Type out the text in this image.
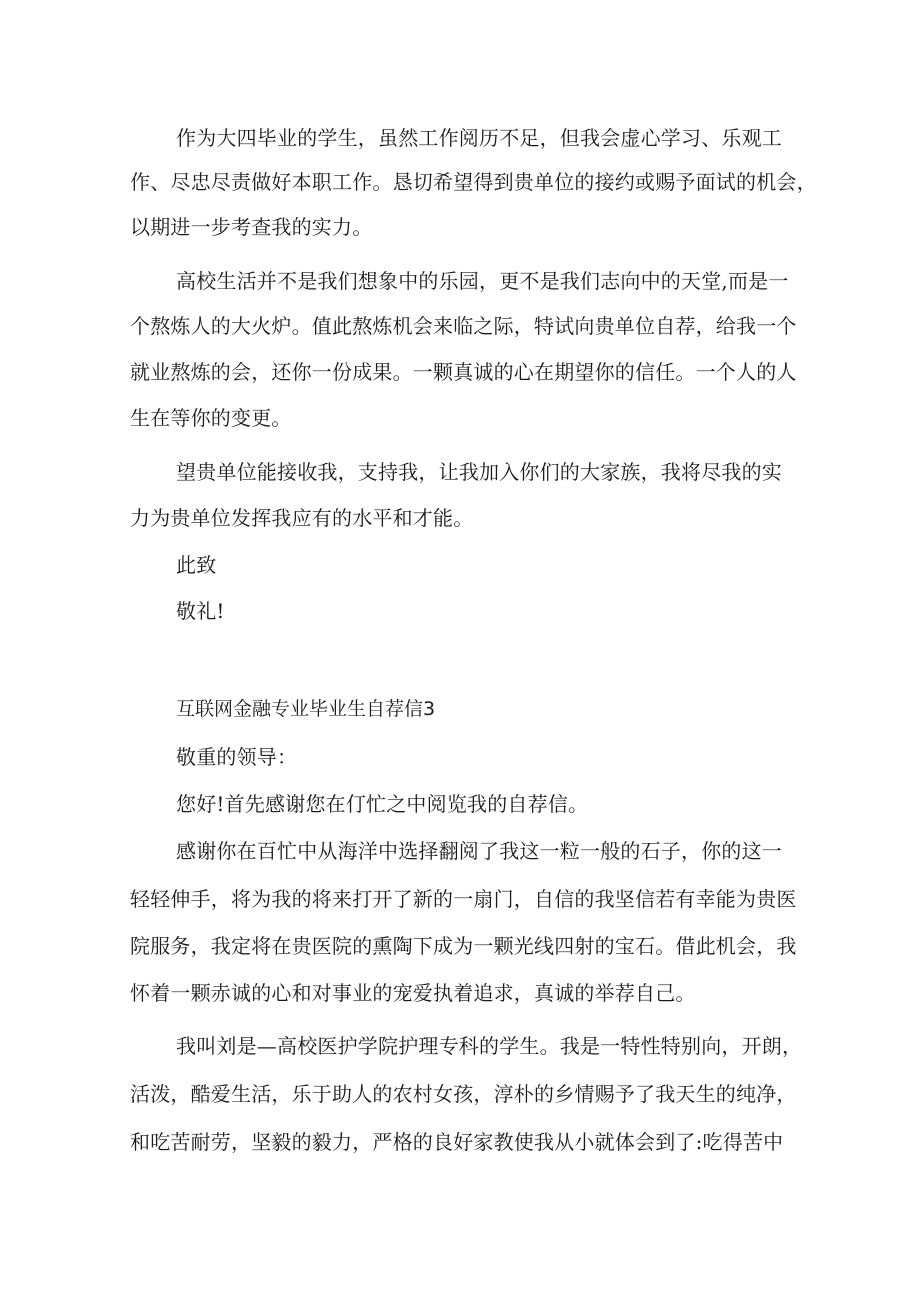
作为大四毕业的学生，虽然工作阅历不足，但我会虚心学习、乐观工
作、尽忠尽责做好本职工作。恳切希望得到贵单位的接约或赐予面试的机会，
以期进一步考查我的实力。
高校生活并不是我们想象中的乐园，更不是我们志向中的天堂,而是一
个熬炼人的大火炉。值此熬炼机会来临之际，特试向贵单位自荐，给我一个
就业熬炼的会，还你一份成果。一颗真诚的心在期望你的信任。一个人的人
生在等你的变更。
望贵单位能接收我，支持我，让我加入你们的大家族，我将尽我的实
力为贵单位发挥我应有的水平和才能。
此致
敬礼!
互联网金融专业毕业生自荐信3
敬重的领导：
您好!首先感谢您在仃忙之中阅览我的自荐信。
感谢你在百忙中从海洋中选择翻阅了我这一粒一般的石子，你的这一
轻轻伸手，将为我的将来打开了新的一扇门，自信的我坚信若有幸能为贵医
院服务，我定将在贵医院的熏陶下成为一颗光线四射的宝石。借此机会，我
怀着一颗赤诚的心和对事业的宠爱执着追求，真诚的举荐自己。
我叫刘是—高校医护学院护理专科的学生。我是一特性特别向，开朗，
活泼，酷爱生活，乐于助人的农村女孩，淳朴的乡情赐予了我天生的纯净，
和吃苦耐劳，坚毅的毅力，严格的良好家教使我从小就体会到了:吃得苦中
